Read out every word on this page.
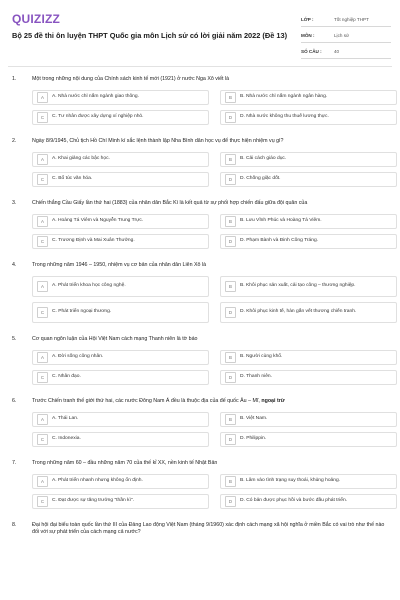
QUIZIZZ
Bộ 25 đề thi ôn luyện THPT Quốc gia môn Lịch sử có lời giải năm 2022 (Đề 13)
LỚP :	Tốt nghiệp THPT
MÔN :	Lịch sử
SỐ CÂU :	40
1.	Một trong những nội dung của Chính sách kinh tế mới (1921) ở nước Nga Xô viết là
A	A. Nhà nước chỉ nắm ngành giao thông.	B	B. Nhà nước chỉ nắm ngành ngân hàng.
C	C. Tư nhân được xây dựng xí nghiệp nhỏ.	D	D. Nhà nước không thu thuế lương thực.
2.	Ngày 8/9/1945, Chủ tịch Hồ Chí Minh kí sắc lệnh thành lập Nha Bình dân học vụ để thực hiện nhiệm vụ gì?
A	A. Khai giảng các bậc học.	B	B. Cải cách giáo dục.
C	C. Bổ túc văn hóa.	D	D. Chống giặc dốt.
3.	Chiến thắng Cầu Giấy lần thứ hai (1883) của nhân dân Bắc Kì là kết quả từ sự phối hợp chiến đấu giữa đội quân của
A	A. Hoàng Tá Viêm và Nguyễn Trung Trực.	B	B. Lưu Vĩnh Phúc và Hoàng Tá Viêm.
C	C. Trương Định và Mai Xuân Thưởng.	D	D. Phạm Bành và Đinh Công Tráng.
4.	Trong những năm 1946 – 1950, nhiệm vụ cơ bản của nhân dân Liên Xô là
A	A. Phát triển khoa học công nghệ.	B	B. Khôi phục sản xuất, cải tạo công – thương nghiệp.
C	C. Phát triển ngoại thương.	D	D. Khôi phục kinh tế, hàn gắn vết thương chiến tranh.
5.	Cơ quan ngôn luận của Hội Việt Nam cách mạng Thanh niên là tờ báo
A	A. Đời sống công nhân.	B	B. Người cùng khổ.
C	C. Nhân đạo.	D	D. Thanh niên.
6.	Trước Chiến tranh thế giới thứ hai, các nước Đông Nam Á đều là thuộc địa của đế quốc Âu – Mĩ, ngoại trừ
A	A. Thái Lan.	B	B. Việt Nam.
C	C. Indonexia.	D	D. Philippin.
7.	Trong những năm 60 – đầu những năm 70 của thế kỉ XX, nền kinh tế Nhật Bản
A	A. Phát triển nhanh nhưng không ổn định.	B	B. Lâm vào tình trạng suy thoái, khủng hoảng.
C	C. Đạt được sự tăng trưởng "thần kì".	D	D. Có bản được phục hồi và bước đầu phát triển.
8.	Đại hội đại biểu toàn quốc lần thứ III của Đảng Lao động Việt Nam (tháng 9/1960) xác định cách mạng xã hội nghĩa ở miền Bắc có vai trò như thế nào đối với sự phát triển của cách mạng cả nước?
